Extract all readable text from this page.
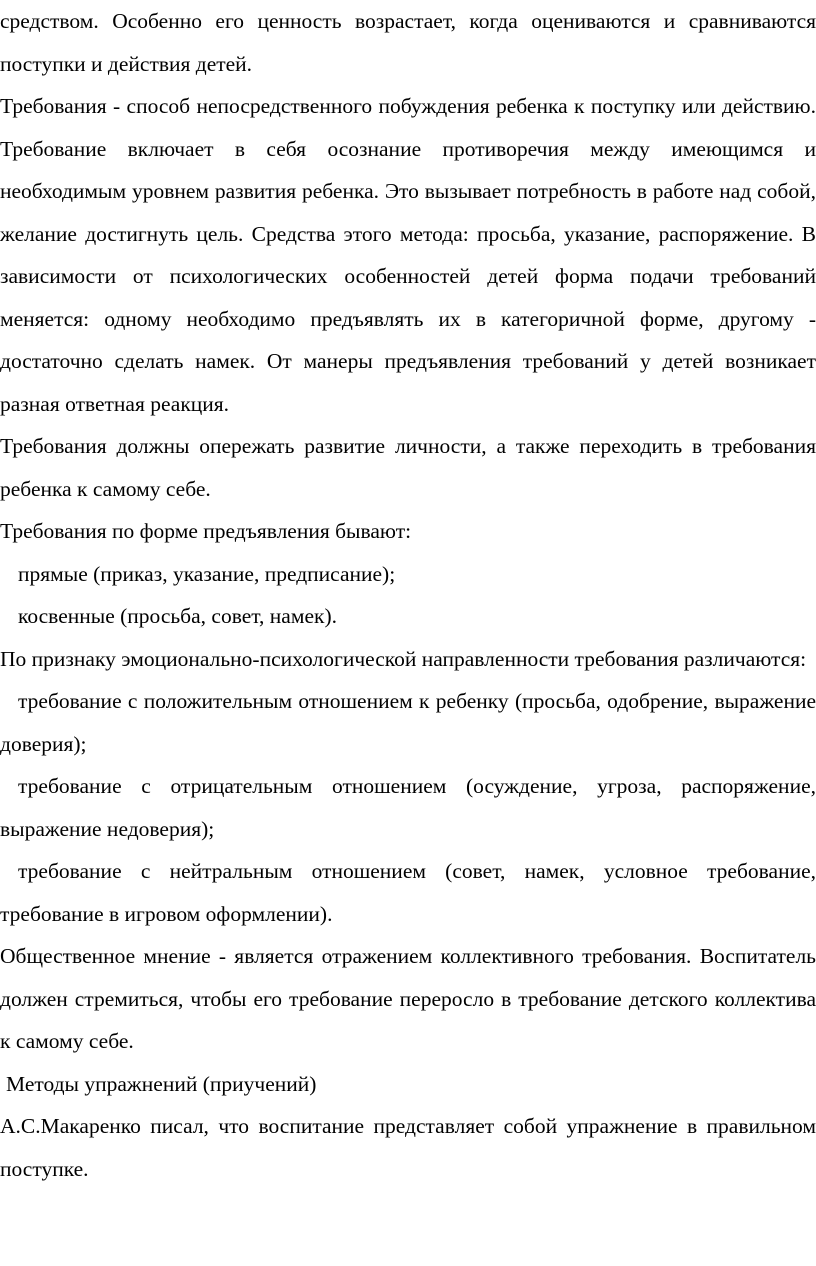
средством. Особенно его ценность возрастает, когда оцениваются и сравниваются поступки и действия детей.

Требования - способ непосредственного побуждения ребенка к поступку или действию. Требование включает в себя осознание противоречия между имеющимся и необходимым уровнем развития ребенка. Это вызывает потребность в работе над собой, желание достигнуть цель. Средства этого метода: просьба, указание, распоряжение. В зависимости от психологических особенностей детей форма подачи требований меняется: одному необходимо предъявлять их в категоричной форме, другому - достаточно сделать намек. От манеры предъявления требований у детей возникает разная ответная реакция.

Требования должны опережать развитие личности, а также переходить в требования ребенка к самому себе.

Требования по форме предъявления бывают:

прямые (приказ, указание, предписание);

косвенные (просьба, совет, намек).

По признаку эмоционально-психологической направленности требования различаются:

требование с положительным отношением к ребенку (просьба, одобрение, выражение доверия);

требование с отрицательным отношением (осуждение, угроза, распоряжение, выражение недоверия);

требование с нейтральным отношением (совет, намек, условное требование, требование в игровом оформлении).

Общественное мнение - является отражением коллективного требования. Воспитатель должен стремиться, чтобы его требование переросло в требование детского коллектива к самому себе.

Методы упражнений (приучений)

А.С.Макаренко писал, что воспитание представляет собой упражнение в правильном поступке.
